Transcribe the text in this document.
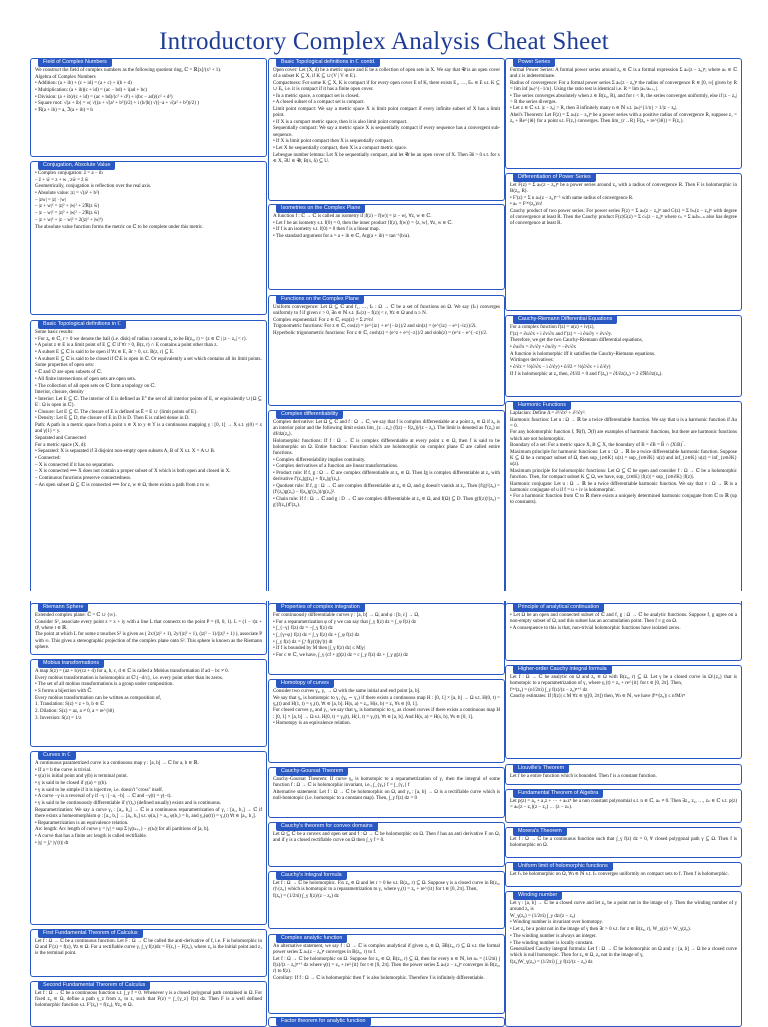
Introductory Complex Analysis Cheat Sheet
Field of Complex Numbers

We construct the field of complex numbers as the following quotient ring, ℂ = ℝ[x]/(x² + 1).

Algebra of Complex Numbers

• Addition: (a + ib) + (c + id) = (a + c) + i(b + d)

• Multiplication: (a + ib)(c + id) = (ac − bd) + i(ad + bc)

• Division: (a + ib)/(c + id) = (ac + bd)/(c² + d²) + i(bc − ad)/(c² + d²)

• Square root: √(a + ib) = ±( √((a + √(a² + b²))/2) + i (b/|b|) √((−a + √(a² + b²))/2) )

• ℜ(a + ib) = a, ℑ(a + ib) = b

Conjugation, Absolute Value

• Complex conjugation: z̄ = a − ib

– z̄ + w̄ = z + w , zw̄ = z̄ w̄

Geometrically, conjugation is reflection over the real axis.

• Absolute value: |z| = √(a² + b²)

– |zw| = |z| · |w|

– |z + w|² = |z|² + |w|² + 2ℜ(z w̄)

– |z − w|² = |z|² + |w|² − 2ℜ(z w̄)

– |z + w|² + |z − w|² = 2(|z|² + |w|²)

The absolute value function forms the metric on ℂ to be complete under this metric.

Basic Topological definitions in ℂ

Some basic results:

• For z₀ ∈ ℂ, r > 0 we denote the ball (i.e. disk) of radius r around z₀ to be B(z₀, r) = {z ∈ ℂ | |z − z₀| < r}.

• A point z ∈ E is a limit point of E ⊆ ℂ if ∀r > 0, B(z, r) ∩ E contains a point other than z.

• A subset E ⊆ ℂ is said to be open if ∀z ∈ E, ∃r > 0, s.t. B(z, r) ⊆ E.

• A subset E ⊆ ℂ is said to be closed if ℂ\E is open in ℂ. Or equivalently a set which contains all its limit points.

Some properties of open sets:

• ℂ and ∅ are open subsets of ℂ.

• All finite intersections of open sets are open sets.

• The collection of all open sets on ℂ form a topology on ℂ.

Interior, closure, density

• Interior: Let E ⊆ ℂ. The interior of E is defined as E° the set of all interior points of E, or equivalently ∪{Ω ⊆ E : Ω is open in ℂ}.

• Closure: Let E ⊆ ℂ. The closure of E is defined as Ē = E ∪ {limit points of E}.

• Density: Let E ⊆ D, the closure of E in D is D. Then E is called dense in D.

Path: A path in a metric space from a point x ∈ X to y ∈ Y is a continuous mapping γ : [0, 1] → X s.t. γ(0) = x and γ(1) = y.

Separated and Connected

For a metric space (X, d):

• Separated: X is separated if ∃ disjoint non-empty open subsets A, B of X s.t. X = A ∪ B.

• Connected:

– X is connected if it has no separation.

– X is connected ⟺ X does not contain a proper subset of X which is both open and closed in X.

– Continuous functions preserve connectedness.

– An open subset Ω ⊆ ℂ is connected ⟺ for z, w ∈ Ω, there exists a path from z to w.

Basic Topological definitions in ℂ contd.

Open cover: Let (X, d) be a metric space and E be a collection of open sets in X. We say that 𝒰 is an open cover of a subset K ⊆ X, if K ⊆ ∪{V | V ∈ E}.

Compactness: For some K ⊆ X, K is compact if for every open cover E of K, there exists E₁, …, Eₙ ∈ E s.t. K ⊆ ∪ Eᵢ, i.e. it is compact if it has a finite open cover.

• In a metric space, a compact set is closed.

• A closed subset of a compact set is compact.

Limit point compact: We say a metric space X is limit point compact if every infinite subset of X has a limit point.

• If X is a compact metric space, then it is also limit point compact.

Sequentially compact: We say a metric space X is sequentially compact if every sequence has a convergent sub-sequence.

• If X is limit point compact then X is sequentially compact.

• Let X be sequentially compact, then X is a compact metric space.

Lebesgue number lemma: Let X be sequentially compact, and let 𝒰 be an open cover of X. Then ∃δ > 0 s.t. for x ∈ X, ∃U ∈ 𝒰, B(x, δ) ⊆ U.

Isometries on the Complex Plane

A function f : ℂ → ℂ is called an isometry if |f(z) − f(w)| = |z − w|, ∀z, w ∈ ℂ.

• Let f be an isometry s.t. f(0) = 0, then the inner product ⟨f(z), f(w)⟩ = ⟨z, w⟩, ∀z, w ∈ ℂ.

• If f is an isometry s.t. f(0) = 0 then f is a linear map.

• The standard argument for a = a + ib ∈ ℂ, Arg(a + ib) = tan⁻¹(b/a).

Functions on the Complex Plane

Uniform convergence: Let Ω ⊆ ℂ and f₁, …, fₙ : Ω → ℂ be a set of functions on Ω. We say (fₙ) converges uniformly to f if given ε > 0, ∃n ∈ ℕ s.t. |fₙ(z) − f(z)| < ε, ∀z ∈ Ω and n ≥ N.

Complex exponential: For z ∈ ℂ, exp(z) = Σ zⁿ/n!

Trigonometric functions: For z ∈ ℂ, cos(z) = (e^{iz} + e^{−iz})/2 and sin(z) = (e^{iz} − e^{−iz})/2i.

Hyperbolic trigonometric functions: For z ∈ ℂ, cosh(z) = (e^z + e^{−z})/2 and sinh(z) = (e^z − e^{−z})/2.

Complex differentiability

Complex derivative: Let Ω ⊆ ℂ and f : Ω → ℂ, we say that f is complex differentiable at a point z₀ ∈ Ω if z₀ is an interior point and the following limit exists lim_{z→z₀} (f(z) − f(z₀))/(z − z₀). The limit is denoted as f′(z₀) or df/dz(z₀).

Holomorphic functions: If f : Ω → ℂ is complex differentiable at every point z ∈ Ω, then f is said to be holomorphic on Ω. Entire function: Function which are holomorphic on complex plane ℂ are called entire functions.

• Complex differentiability implies continuity.

• Complex derivatives of a function are linear transformations.

• Product rule: If f, g : Ω → ℂ are complex differentiable at z₀ ∈ Ω. Then fg is complex differentiable at z₀ with derivative f′(z₀)g(z₀) + f(z₀)g′(z₀).

• Quotient rule: If f, g : Ω → ℂ are complex differentiable at z₀ ∈ Ω, and g doesn't vanish at z₀. Then (f/g)′(z₀) = (f′(z₀)g(z₀) − f(z₀)g′(z₀))/g(z₀)².

• Chain rule: If f : Ω → ℂ and g : D → ℂ are complex differentiable at z₀ ∈ Ω, and f(Ω) ⊆ D. Then g(f(z))′(z₀) = g′(f(z₀))f′(z₀).

Power Series

Formal Power Series: A formal power series around z₀ ∈ ℂ is a formal expression Σ aₙ(z − z₀)ⁿ, where aₙ ∈ ℂ and z is indeterminate.

Radius of convergence: For a formal power series Σ aₙ(z − z₀)ⁿ the radius of convergence R ∈ [0, ∞] given by R = lim inf |aₙ|^{−1/n}. Using the ratio test is identical i.e. R = lim |aₙ/aₙ₊₁|.

• The series converges absolutely when z ∈ B(z₀, R), and for r < R, the series converges uniformly, else if |z − z₀| > R the series diverges.

• Let z ∈ ℂ s.t. |z − z₀| > R, then ∃ infinitely many n ∈ ℕ s.t. |aₙ|^{1/n} > 1/|z − z₀|.

Abel's Theorem: Let F(z) = Σ aₙ(z − z₀)ⁿ be a power series with a positive radius of convergence R, suppose z₁ = z₀ + Re^{iθ} for a point s.t. F(z₁) converges. Then lim_{r→R} F(z₀ + re^{iθ}) = F(z₁).

Differentiation of Power Series

Let F(z) = Σ aₙ(z − z₀)ⁿ be a power series around z₀ with a radius of convergence R. Then F is holomorphic in B(z₀, R).

• F′(z) = Σ n aₙ(z − z₀)ⁿ⁻¹ with same radius of convergence R.

• aₙ = F⁽ⁿ⁾(z₀)/n!

Cauchy product of two power series: For power series F(z) = Σ aₙ(z − z₀)ⁿ and G(z) = Σ bₙ(z − z₀)ⁿ with degree of convergence at least R. Then the Cauchy product F(z)G(z) = Σ cₙ(z − z₀)ⁿ where cₙ = Σ aₖbₙ₋ₖ also has degree of convergence at least R.

Cauchy-Riemann Differential Equations

For a complex function f(z) = u(z) + iv(z),

f′(z) = ∂u/∂x + i ∂v/∂x and f′(z) = −i ∂u/∂y + ∂v/∂y.

Therefore, we get the two Cauchy-Riemann differential equations,

• ∂u/∂x = ∂v/∂y • ∂u/∂y = −∂v/∂x

A function is holomorphic iff it satisfies the Cauchy-Riemann equations.

Wirtinger derivatives:

• ∂/∂z = ½(∂/∂x − i ∂/∂y) • ∂/∂z̄ = ½(∂/∂x + i ∂/∂y)

If f is holomorphic at z₀ then, ∂f/∂z̄ = 0 and f′(z₀) = ∂f/∂z(z₀) = 2 ∂ℜf/∂z(z₀).

Harmonic Functions

Laplacian: Define Δ = ∂²/∂x² + ∂²/∂y².

Harmonic function: Let u : Ω → ℝ be a twice differentiable function. We say that u is a harmonic function if Δu = 0.

For any holomorphic function f, ℜ(f), ℑ(f) are examples of harmonic functions, but there are harmonic functions which are not holomorphic.

Boundary of a set: For a metric space X, B ⊆ X, the boundary of B = ∂B = B̄ ∩ (X\B)‾.

Maximum principle for harmonic functions: Let u : Ω → ℝ be a twice differentiable harmonic function. Suppose K ⊆ Ω be a compact subset of Ω, then sup_{z∈K} u(z) = sup_{z∈∂K} u(z) and inf_{z∈K} u(z) = inf_{z∈∂K} u(z).

Maximum principle for holomorphic functions: Let Ω ⊆ ℂ be open and consider f : Ω → ℂ be a holomorphic function. Then, for compact subset K ⊆ Ω, we have, sup_{z∈K} |f(z)| = sup_{z∈∂K} |f(z)|.

Harmonic conjugate: Let u : Ω → ℝ be a twice differentiable harmonic function. We say that v : Ω → ℝ is a harmonic conjugate of u if f = u + iv is holomorphic.

• For a harmonic function from ℂ to ℝ there exists a uniquely determined harmonic conjugate from ℂ to ℝ (up to constants).

Riemann Sphere

Extended complex plane: ℂ̂ = ℂ ∪ {∞}.

Consider S², associate every point z = x + iy with a line L that connects to the point P = (0, 0, 1). L = (1 − t)z + tP, where t ∈ ℝ.

The point at which L for some z touches S² is given as ( 2x/(|z|² + 1), 2y/(|z|² + 1), (|z|² − 1)/(|z|² + 1) ), associate P with ∞. This gives a stereographic projection of the complex plane onto S². This sphere is known as the Riemann sphere.

Mobius transformations

A map S(z) = (az + b)/(cz + d) for a, b, c, d ∈ ℂ is called a Mobius transformation if ad − bc ≠ 0.

Every mobius transformation is holomorphic at ℂ\{−d/c}, i.e. every point other than its zeros.

• The set of all mobius transformations is a group under composition.

• S forms a bijection with ℂ̂.

Every mobius transformation can be written as composition of,

1. Translation: S(z) = z + b, b ∈ ℂ

2. Dilation: S(z) = az, a ≠ 0, a = re^{iθ}

3. Inversion: S(z) = 1/z

Curves in ℂ

A continuous parametrized curve is a continuous map γ : [a, b] → ℂ for a, b ∈ ℝ.

• If a = b the curve is trivial.

• γ(a) is initial point and γ(b) is terminal point.

• γ is said to be closed if γ(a) = γ(b).

• γ is said to be simple if it is injective, i.e. doesn't "cross" itself.

• A curve −γ is a reversal of γ if −γ : [−a, −b] → ℂ and −γ(t) = γ(−t).

• γ is said to be continuously differentiable if γ′(t₀) (defined usually) exists and is continuous.

Reparametrization: We say a curve γ₂ : [a₂, b₂] → ℂ is a continuous reparametrization of γ₁ : [a₁, b₁] → ℂ if there exists a homeomorphism φ : [a₁, b₁] → [a₂, b₂] s.t. φ(a₁) = a₂, φ(b₁) = b₂ and γ₂(φ(t)) = γ₁(t) ∀t ∈ [a₁, b₁].

• Reparametrization is an equivalence relation.

Arc length: Arc length of curve γ = |γ| = sup Σ |γ(tₖ₊₁) − γ(tₖ)| for all partitions of [a, b].

• A curve that has a finite arc length is called rectifiable.

• |γ| = ∫ₐᵇ |γ′(t)| dt

First Fundamental Theorem of Calculus

Let f : Ω → ℂ be a continuous function. Let F : Ω → ℂ be called the anti-derivative of f, i.e. F is holomorphic in Ω and F′(z) = f(z), ∀z ∈ Ω. For a rectifiable curve γ, ∫_γ f(z)dz = F(z₁) − F(z₀), where z₀ is the initial point and z₁ is the terminal point.

Second Fundamental Theorem of Calculus

Let f : Ω → ℂ be a continuous function s.t. ∫_γ f = 0. Whenever γ is a closed polygonal path contained in Ω. For fixed z₀ ∈ Ω, define a path γ_z from z₀ to z, such that F(z) = ∫_{γ_z} f(z) dz. Then F is a well defined holomorphic function s.t. F′(z₀) = f(z₀), ∀z₀ ∈ Ω.

Properties of complex integration

For continuously differentiable curves γ : [a, b] → Ω, and φ : [b, c] → Ω,

• For a reparametrization φ of γ we can say that ∫_γ f(z) dz = ∫_φ f(z) dz

• ∫_{−γ} f(z) dz = −∫_γ f(z) dz

• ∫_{γ+φ} f(z) dz = ∫_γ f(z) dz + ∫_φ f(z) dz

• ∫_γ f(z) dz = ∫ₐᵇ f(γ(t))γ′(t) dt

• If f is bounded by M then |∫_γ f(z) dz| ≤ M|γ|

• For c ∈ ℂ, we have, ∫_γ (cf + g)(z) dz = c ∫_γ f(z) dz + ∫_γ g(z) dz

Homotopy of curves

Consider two curves γ₀, γ₁ → Ω with the same initial and end point [a, b].

We say that γ₀ is homotopic to γ₁ (γ₀ ∼ γ₁) if there exists a continuous map H : [0, 1] × [a, b] → Ω s.t. H(0, t) = γ₀(t) and H(1, t) = γ₁(t), ∀t ∈ [a, b]. H(s, a) = z₀, H(s, b) = z₁ ∀s ∈ [0, 1].

For closed curves γ₀ and γ₁, we say that γ₀ is homotopic to γ₁ as closed curves if there exists a continuous map H : [0, 1] × [a, b] → Ω s.t. H(0, t) = γ₀(t), H(1, t) = γ₁(t), ∀t ∈ [a, b]. And H(s, a) = H(s, b), ∀s ∈ [0, 1].

• Homotopy is an equivalence relation.

Cauchy-Goursat Theorem

Cauchy-Goursat Theorem: If curve γ₀ is homotopic to a reparametrization of γ₁ then the integral of some function f : Ω → ℂ is holomorphic invariant, i.e., ∫_{γ₀} f = ∫_{γ₁} f

Alternative statement: Let f : Ω → ℂ be holomorphic on Ω, and γ₀ : [a, b] → Ω is a rectifiable curve which is null-homotopic (i.e. homotopic to a constant map). Then, ∫_γ f(z) dz = 0

Cauchy's theorem for convex domains

Let Ω ⊆ ℂ be a convex and open set and f : Ω → ℂ be holomorphic on Ω. Then f has an anti derivative F on Ω, and if γ is a closed rectifiable curve on Ω then ∫_γ f = 0.

Cauchy's integral formula

Let f : Ω → ℂ be holomorphic. Fix z₀ ∈ Ω and let r > 0 be s.t. B(z₀, r) ⊆ Ω. Suppose γ is a closed curve in B(z₀, r)\{z₀} which is homotopic to a reparametrization to γ₁ where γ₁(t) = z₀ + re^{it} for t ∈ [0, 2π]. Then,

f(z₀) = (1/2πi) ∫_γ f(z)/(z − z₀) dz

Complex analytic function

An alternative statement, we say f : Ω → ℂ is complex analytical if given z₀ ∈ Ω, ∃B(z₀, r) ⊆ Ω s.t. the formal power series Σ aₙ(z − z₀)ⁿ converges in B(z₀, r) to f.

Let f : Ω → ℂ be holomorphic on Ω. Suppose for z₀ ∈ Ω, B(z₀, r) ⊆ Ω, then for every n ∈ ℕ, let aₙ = (1/2πi) ∫ f(z)/(z − z₀)ⁿ⁺¹ dz where γ(t) = z₀ + re^{it} for t ∈ [0, 2π]. Then the power series Σ aₙ(z − z₀)ⁿ converges in B(z₀, r) to f(z).

Corollary: If f : Ω → ℂ is holomorphic then f′ is also holomorphic. Therefore f is infinitely differentiable.

Factor theorem for analytic function
Principle of analytical continuation

• Let Ω be an open and connected subset of ℂ and f, g : Ω → ℂ be analytic functions. Suppose f, g agree on a non-empty subset of Ω, and this subset has an accumulation point. Then f ≡ g on Ω.

• A consequence to this is that, non-trivial holomorphic functions have isolated zeros.

Higher-order Cauchy integral formula

Let f : Ω → ℂ be analytic on Ω and z₀ ∈ Ω with B(z₀, r) ⊆ Ω. Let γ be a closed curve in Ω\{z₀} that is homotopic to a reparametrization of γ₁ where γ₁(t) = z₀ + re^{it} for t ∈ [0, 2π]. Then,

f⁽ⁿ⁾(z₀) = (n!/2πi) ∫_γ f(z)/(z − z₀)ⁿ⁺¹ dz

Cauchy estimates: If |f(z)| ≤ M ∀z ∈ γ([0, 2π]) then, ∀n ∈ ℕ, we have |f⁽ⁿ⁾(z₀)| ≤ n!M/rⁿ

Liouville's Theorem

Let f be a entire function which is bounded. Then f is a constant function.

Fundamental Theorem of Algebra

Let p(z) = a₀ + a₁z + ⋯ + aₙzⁿ be a non constant polynomial s.t. n ∈ ℂ, aₙ ≠ 0. Then ∃z₁, z₂, …, zₙ ∈ ℂ s.t. p(z) = aₙ(z − z₁)(z − z₂) … (z − zₙ).

Morera's Theorem

Let f : Ω → ℂ be a continuous function such that ∫_γ f(z) dz = 0, ∀ closed polygonal path γ ⊆ Ω. Then f is holomorphic on Ω.

Uniform limit of holomorphic functions

Let fₙ be holomorphic on Ω, ∀n ∈ ℕ s.t. fₙ converges uniformly on compact sets to f. Then f is holomorphic.

Winding number

Let γ : [a, b] → ℂ be a closed curve and let z₀ be a point not in the image of γ. Then the winding number of γ around z₀ is

W_γ(z₀) = (1/2πi) ∫_γ dz/(z − z₀)

• Winding number is invariant over homotopy.

• Let z₀ be a point not in the image of γ then ∃r > 0 s.t. for z ∈ B(z₀, r), W_γ(z) = W_γ(z₀).

• The winding number is always an integer.

• The winding number is locally constant.

Generalized Cauchy integral formula: Let f : Ω → ℂ be holomorphic on Ω and γ : [a, b] → Ω be a closed curve which is null homotopic. Then for z₀ ∈ Ω, z₀ not in the image of γ,

f(z₀)W_γ(z₀) = (1/2πi) ∫_γ f(z)/(z − z₀) dz
